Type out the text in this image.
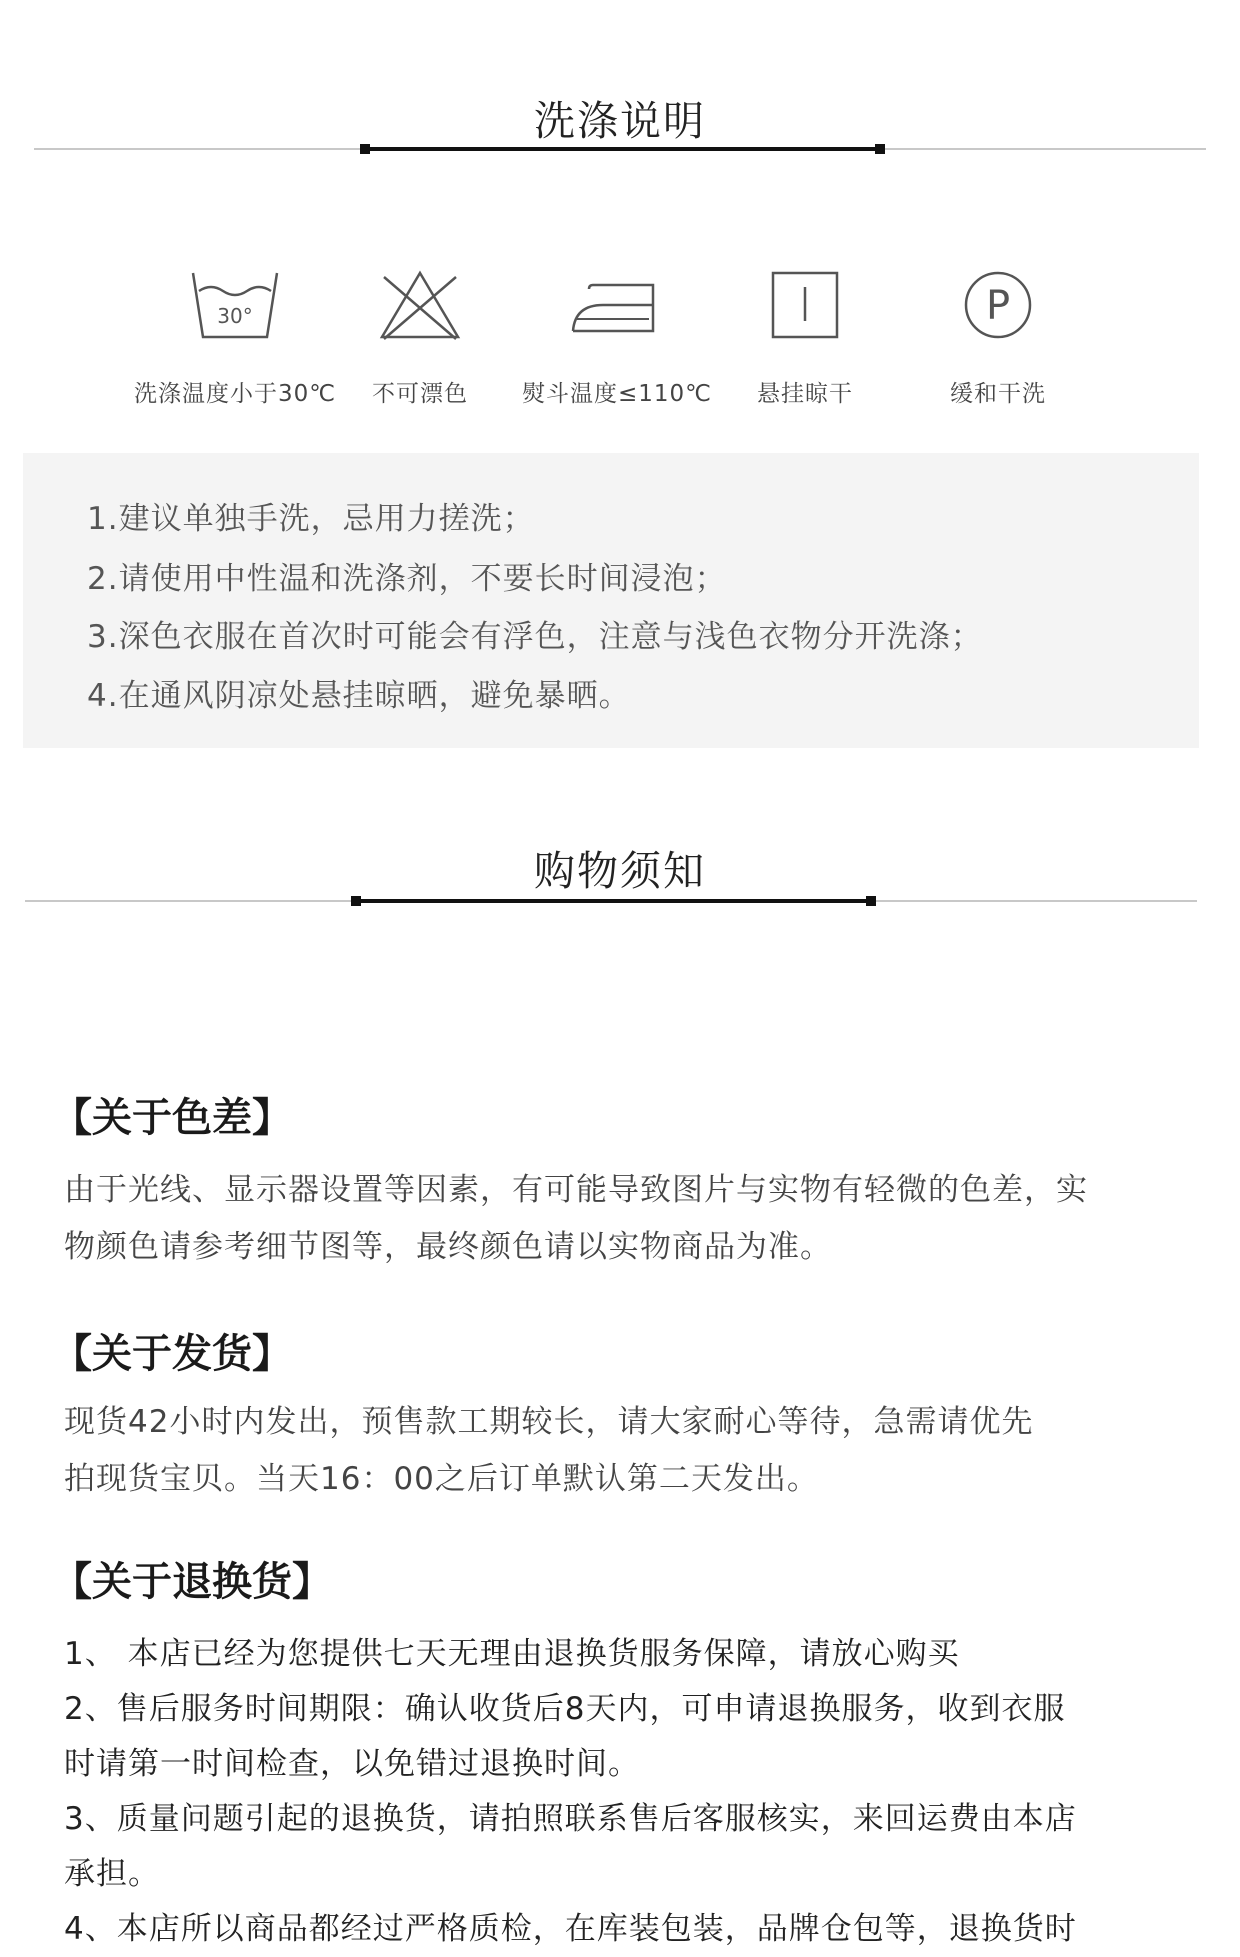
洗涤说明
30°	P
洗涤温度小于30℃	不可漂色	熨斗温度≤110℃	悬挂晾干	缓和干洗
1.建议单独手洗，忌用力搓洗；
2.请使用中性温和洗涤剂，不要长时间浸泡；
3.深色衣服在首次时可能会有浮色，注意与浅色衣物分开洗涤；
4.在通风阴凉处悬挂晾晒，避免暴晒。
购物须知
【关于色差】
由于光线、显示器设置等因素，有可能导致图片与实物有轻微的色差，实
物颜色请参考细节图等，最终颜色请以实物商品为准。
【关于发货】
现货42小时内发出，预售款工期较长，请大家耐心等待，急需请优先
拍现货宝贝。当天16：00之后订单默认第二天发出。
【关于退换货】
1、 本店已经为您提供七天无理由退换货服务保障，请放心购买
2、售后服务时间期限：确认收货后8天内，可申请退换服务，收到衣服
时请第一时间检查，以免错过退换时间。
3、质量问题引起的退换货，请拍照联系售后客服核实，来回运费由本店
承担。
4、本店所以商品都经过严格质检，在库装包装，品牌仓包等，退换货时
